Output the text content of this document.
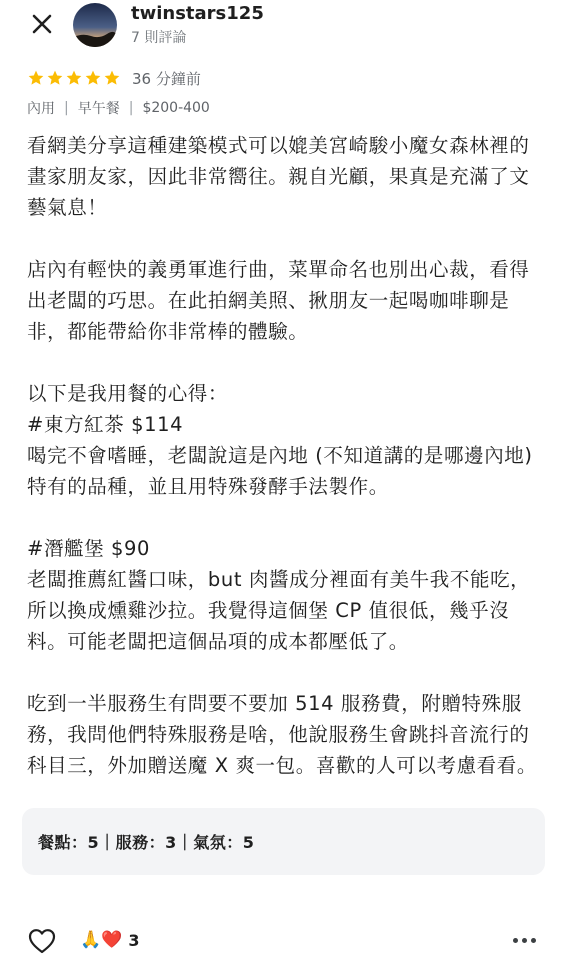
twinstars125
7 則評論
36 分鐘前
內用 | 早午餐 | $200-400
看網美分享這種建築模式可以媲美宮崎駿小魔女森林裡的畫家朋友家，因此非常嚮往。親自光顧，果真是充滿了文藝氣息！

店內有輕快的義勇軍進行曲，菜單命名也別出心裁，看得出老闆的巧思。在此拍網美照、揪朋友一起喝咖啡聊是非，都能帶給你非常棒的體驗。

以下是我用餐的心得：
#東方紅茶 $114
喝完不會嗜睡，老闆說這是內地 (不知道講的是哪邊內地) 特有的品種，並且用特殊發酵手法製作。

#潛艦堡 $90
老闆推薦紅醬口味，but 肉醬成分裡面有美牛我不能吃，所以換成燻雞沙拉。我覺得這個堡 CP 值很低，幾乎沒料。可能老闆把這個品項的成本都壓低了。

吃到一半服務生有問要不要加 514 服務費，附贈特殊服務，我問他們特殊服務是啥，他說服務生會跳抖音流行的科目三，外加贈送魔 X 爽一包。喜歡的人可以考慮看看。
餐點：5｜服務：3｜氣氛：5
🙏❤️ 3
